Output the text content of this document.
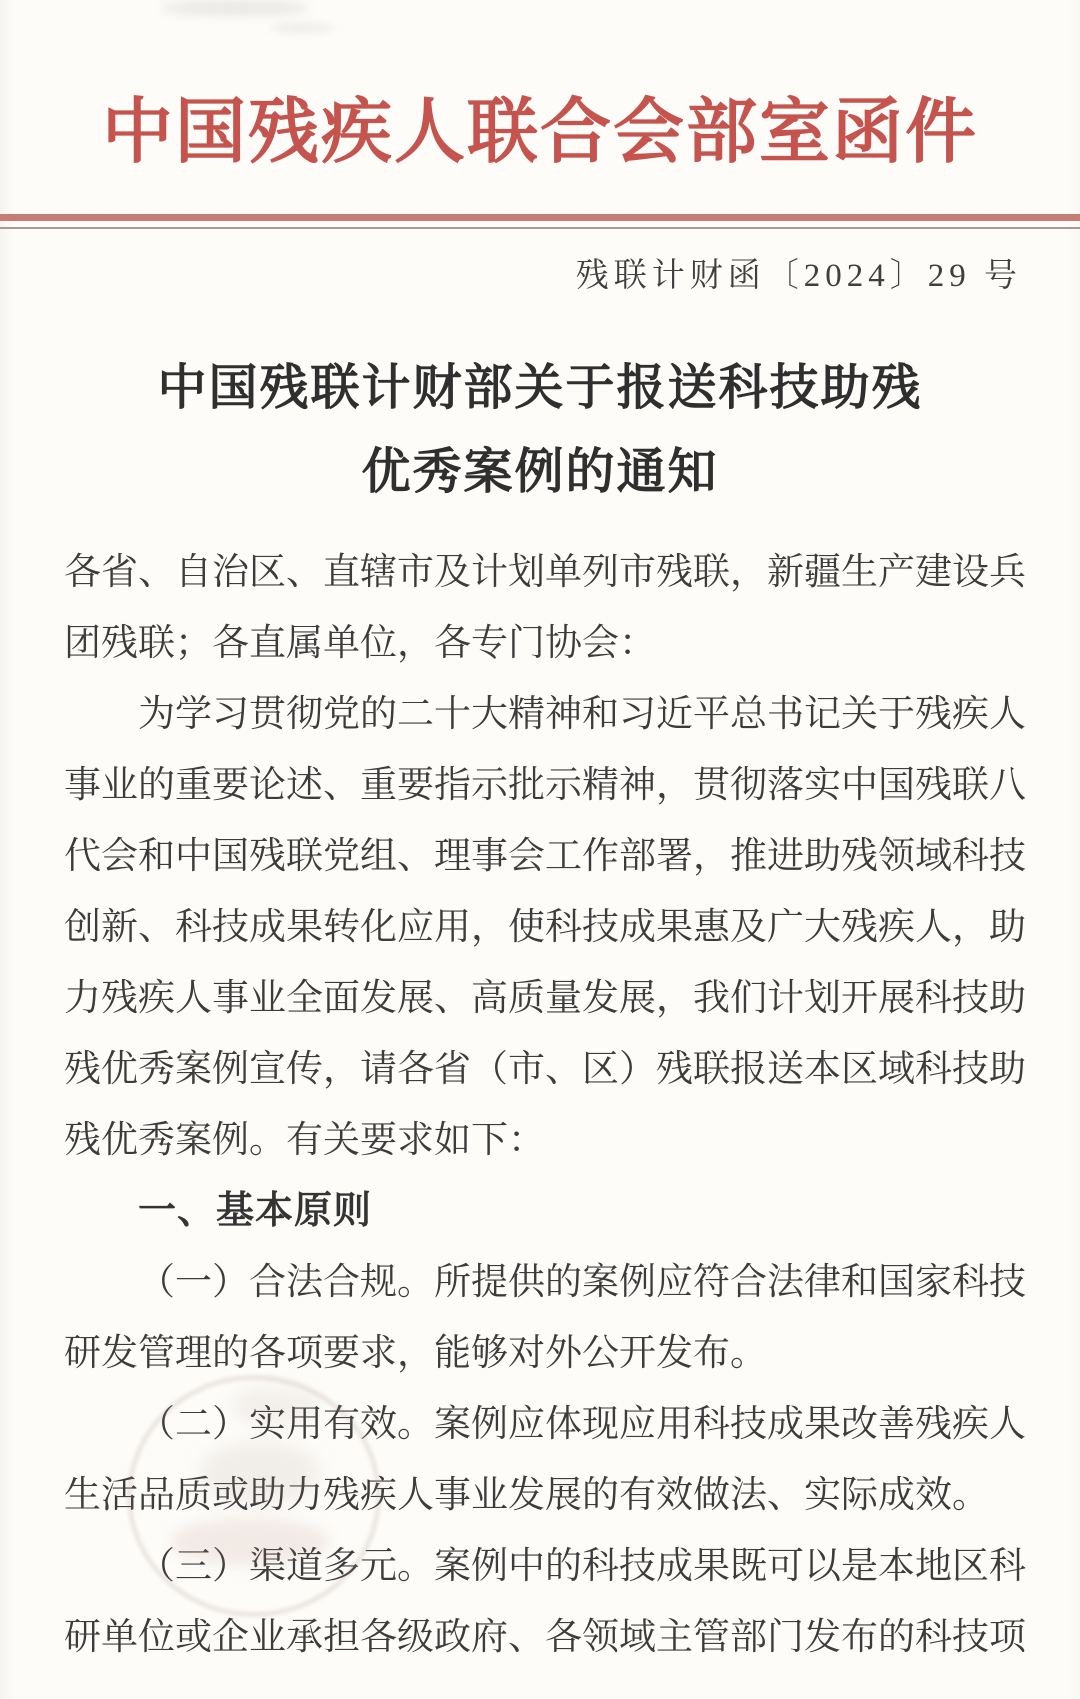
中国残疾人联合会部室函件
残联计财函〔2024〕29 号
中国残联计财部关于报送科技助残
优秀案例的通知
各省、自治区、直辖市及计划单列市残联，新疆生产建设兵
团残联；各直属单位，各专门协会：
为学习贯彻党的二十大精神和习近平总书记关于残疾人
事业的重要论述、重要指示批示精神，贯彻落实中国残联八
代会和中国残联党组、理事会工作部署，推进助残领域科技
创新、科技成果转化应用，使科技成果惠及广大残疾人，助
力残疾人事业全面发展、高质量发展，我们计划开展科技助
残优秀案例宣传，请各省（市、区）残联报送本区域科技助
残优秀案例。有关要求如下：
一、基本原则
（一）合法合规。所提供的案例应符合法律和国家科技
研发管理的各项要求，能够对外公开发布。
（二）实用有效。案例应体现应用科技成果改善残疾人
生活品质或助力残疾人事业发展的有效做法、实际成效。
（三）渠道多元。案例中的科技成果既可以是本地区科
研单位或企业承担各级政府、各领域主管部门发布的科技项
